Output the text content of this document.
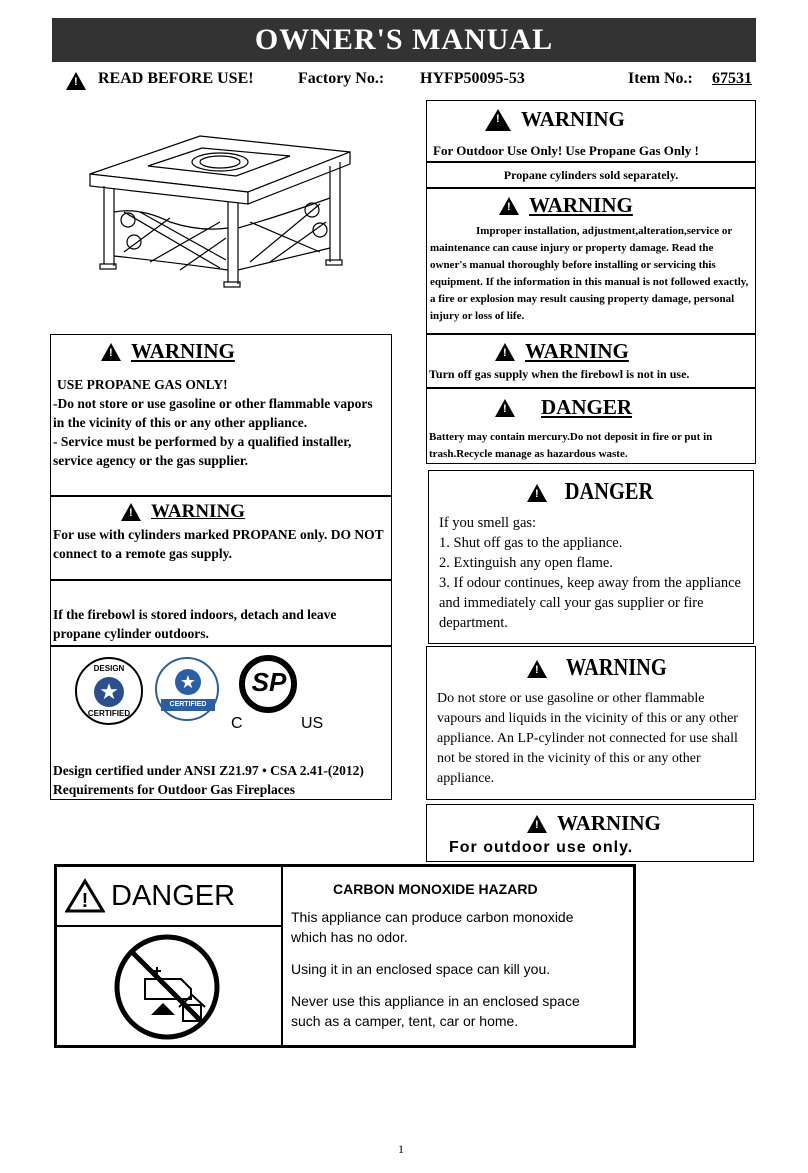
OWNER'S MANUAL
!
READ BEFORE USE!	Factory No.: HYFP50095-53	Item No.: 67531
!
WARNING
For Outdoor Use Only! Use Propane Gas Only !
Propane cylinders sold separately.
!
WARNING
Improper installation, adjustment,alteration,service or maintenance can cause injury or property damage. Read the owner's manual thoroughly before installing or servicing this equipment. If the information in this manual is not followed exactly, a fire or explosion may result causing property damage, personal injury or loss of life.
!
WARNING
USE PROPANE GAS ONLY!
-Do not store or use gasoline or other flammable vapors in the vicinity of this or any other appliance.
- Service must be performed by a qualified installer, service agency or the gas supplier.
!
WARNING
For use with cylinders marked PROPANE only. DO NOT connect to a remote gas supply.
If the firebowl is stored indoors, detach and leave propane cylinder outdoors.
DESIGN
★
CERTIFIED
★
CERTIFIED
SP
C	US
Design certified under ANSI Z21.97 • CSA 2.41-(2012) Requirements for Outdoor Gas Fireplaces
!
WARNING
Turn off gas supply when the firebowl is not in use.
!
DANGER
Battery may contain mercury.Do not deposit in fire or put in trash.Recycle manage as hazardous waste.
!
DANGER
If you smell gas:
1. Shut off gas to the appliance.
2. Extinguish any open flame.
3. If odour continues, keep away from the appliance and immediately call your gas supplier or fire department.
!
WARNING
Do not store or use gasoline or other flammable vapours and liquids in the vicinity of this or any other appliance. An LP-cylinder not connected for use shall not be stored in the vicinity of this or any other appliance.
!
WARNING
For outdoor use only.
! DANGER	CARBON MONOXIDE HAZARD
This appliance can produce carbon monoxide which has no odor.
Using it in an enclosed space can kill you.
Never use this appliance in an enclosed space such as a camper, tent, car or home.
1
